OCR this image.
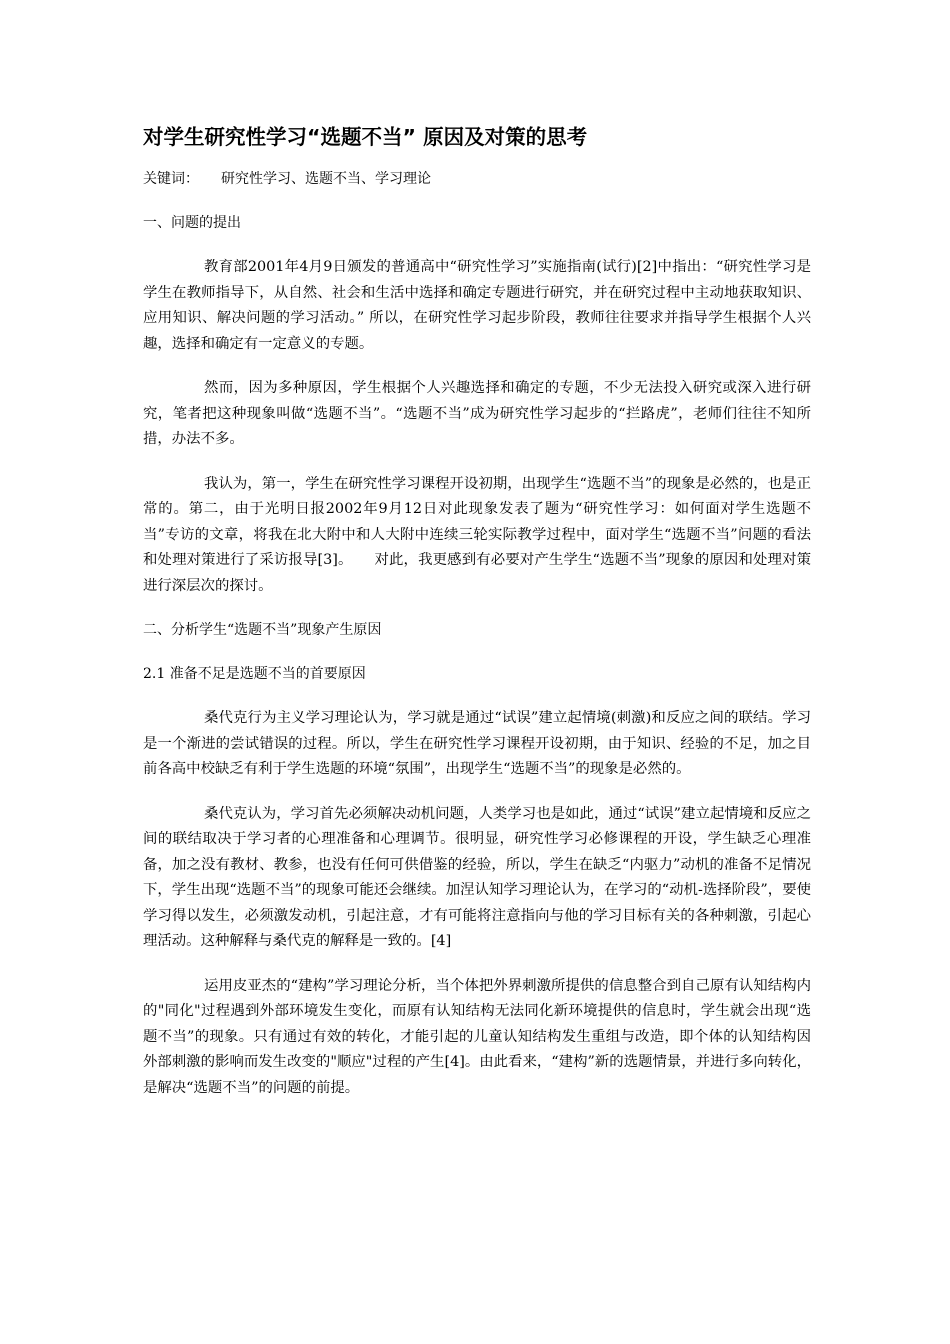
对学生研究性学习“选题不当” 原因及对策的思考
关键词： 研究性学习、选题不当、学习理论
一、问题的提出

教育部2001年4月9日颁发的普通高中“研究性学习”实施指南(试行)[2]中指出：“研究性学习是学生在教师指导下，从自然、社会和生活中选择和确定专题进行研究，并在研究过程中主动地获取知识、应用知识、解决问题的学习活动。” 所以，在研究性学习起步阶段，教师往往要求并指导学生根据个人兴趣，选择和确定有一定意义的专题。

然而，因为多种原因，学生根据个人兴趣选择和确定的专题，不少无法投入研究或深入进行研究，笔者把这种现象叫做“选题不当”。“选题不当”成为研究性学习起步的“拦路虎”，老师们往往不知所措，办法不多。

我认为，第一，学生在研究性学习课程开设初期，出现学生“选题不当”的现象是必然的，也是正常的。第二，由于光明日报2002年9月12日对此现象发表了题为“研究性学习：如何面对学生选题不当”专访的文章，将我在北大附中和人大附中连续三轮实际教学过程中，面对学生“选题不当”问题的看法和处理对策进行了采访报导[3]。　　对此，我更感到有必要对产生学生“选题不当”现象的原因和处理对策进行深层次的探讨。

二、分析学生“选题不当”现象产生原因
2.1 准备不足是选题不当的首要原因

桑代克行为主义学习理论认为，学习就是通过“试误”建立起情境(刺激)和反应之间的联结。学习是一个渐进的尝试错误的过程。所以，学生在研究性学习课程开设初期，由于知识、经验的不足，加之目前各高中校缺乏有利于学生选题的环境“氛围”，出现学生“选题不当”的现象是必然的。

桑代克认为，学习首先必须解决动机问题，人类学习也是如此，通过“试误”建立起情境和反应之间的联结取决于学习者的心理准备和心理调节。很明显，研究性学习必修课程的开设，学生缺乏心理准备，加之没有教材、教参，也没有任何可供借鉴的经验，所以，学生在缺乏“内驱力”动机的准备不足情况下，学生出现“选题不当”的现象可能还会继续。加涅认知学习理论认为，在学习的“动机-选择阶段”，要使学习得以发生，必须激发动机，引起注意，才有可能将注意指向与他的学习目标有关的各种刺激，引起心理活动。这种解释与桑代克的解释是一致的。[4]

运用皮亚杰的“建构”学习理论分析，当个体把外界刺激所提供的信息整合到自己原有认知结构内的"同化"过程遇到外部环境发生变化，而原有认知结构无法同化新环境提供的信息时，学生就会出现“选题不当”的现象。只有通过有效的转化，才能引起的儿童认知结构发生重组与改造，即个体的认知结构因外部刺激的影响而发生改变的"顺应"过程的产生[4]。由此看来，“建构”新的选题情景，并进行多向转化，是解决“选题不当”的问题的前提。
